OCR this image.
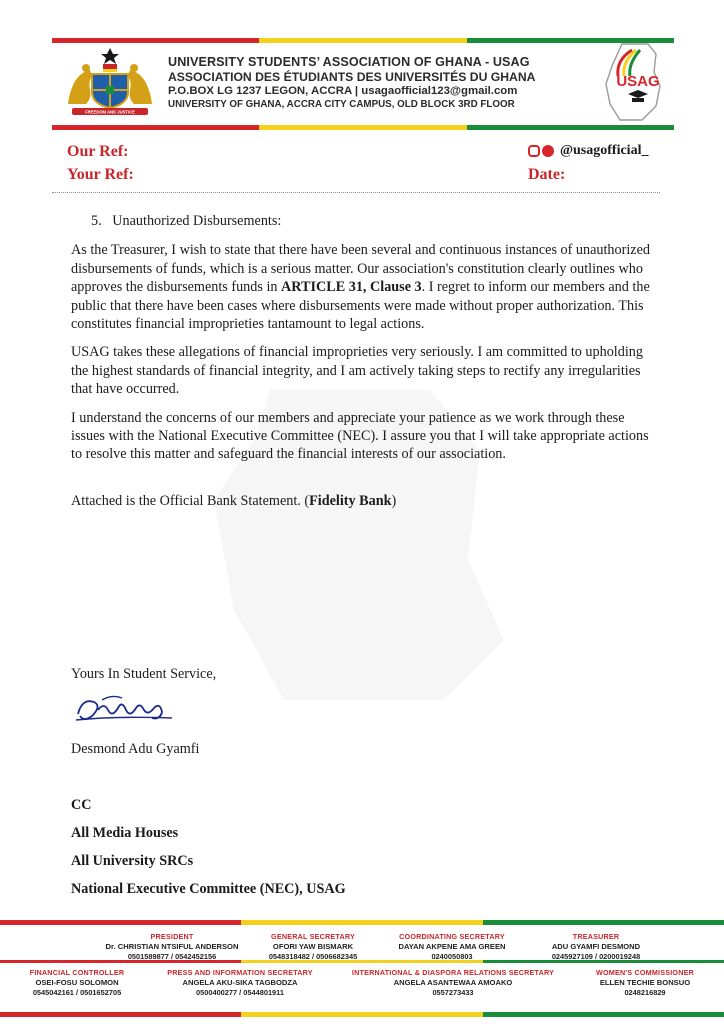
FREEDOM AND JUSTICE
UNIVERSITY STUDENTS’ ASSOCIATION OF GHANA - USAG
ASSOCIATION DES ÉTUDIANTS DES UNIVERSITÉS DU GHANA
P.O.BOX LG 1237 LEGON, ACCRA | usagaofficial123@gmail.com
UNIVERSITY OF GHANA, ACCRA CITY CAMPUS, OLD BLOCK 3RD FLOOR
USAG
Our Ref:
Your Ref:
@usagofficial_
Date:

5. Unauthorized Disbursements:

As the Treasurer, I wish to state that there have been several and continuous instances of unauthorized disbursements of funds, which is a serious matter. Our association's constitution clearly outlines who approves the disbursements funds in ARTICLE 31, Clause 3. I regret to inform our members and the public that there have been cases where disbursements were made without proper authorization. This constitutes financial improprieties tantamount to legal actions.

USAG takes these allegations of financial improprieties very seriously. I am committed to upholding the highest standards of financial integrity, and I am actively taking steps to rectify any irregularities that have occurred.

I understand the concerns of our members and appreciate your patience as we work through these issues with the National Executive Committee (NEC). I assure you that I will take appropriate actions to resolve this matter and safeguard the financial interests of our association.

Attached is the Official Bank Statement. (Fidelity Bank)

Yours In Student Service,
Desmond Adu Gyamfi
CC
All Media Houses
All University SRCs
National Executive Committee (NEC), USAG
PRESIDENT
Dr. CHRISTIAN NTSIFUL ANDERSON
0501589877 / 0542452156
GENERAL SECRETARY
OFORI YAW BISMARK
0548318482 / 0506682345
COORDINATING SECRETARY
DAYAN AKPENE AMA GREEN
0240050803
TREASURER
ADU GYAMFI DESMOND
0245927109 / 0200019248
FINANCIAL CONTROLLER
OSEI-FOSU SOLOMON
0545042161 / 0501652705
PRESS AND INFORMATION SECRETARY
ANGELA AKU-SIKA TAGBODZA
0500400277 / 0544801911
INTERNATIONAL & DIASPORA RELATIONS SECRETARY
ANGELA ASANTEWAA AMOAKO
0557273433
WOMEN'S COMMISSIONER
ELLEN TECHIE BONSUO
0248216829
